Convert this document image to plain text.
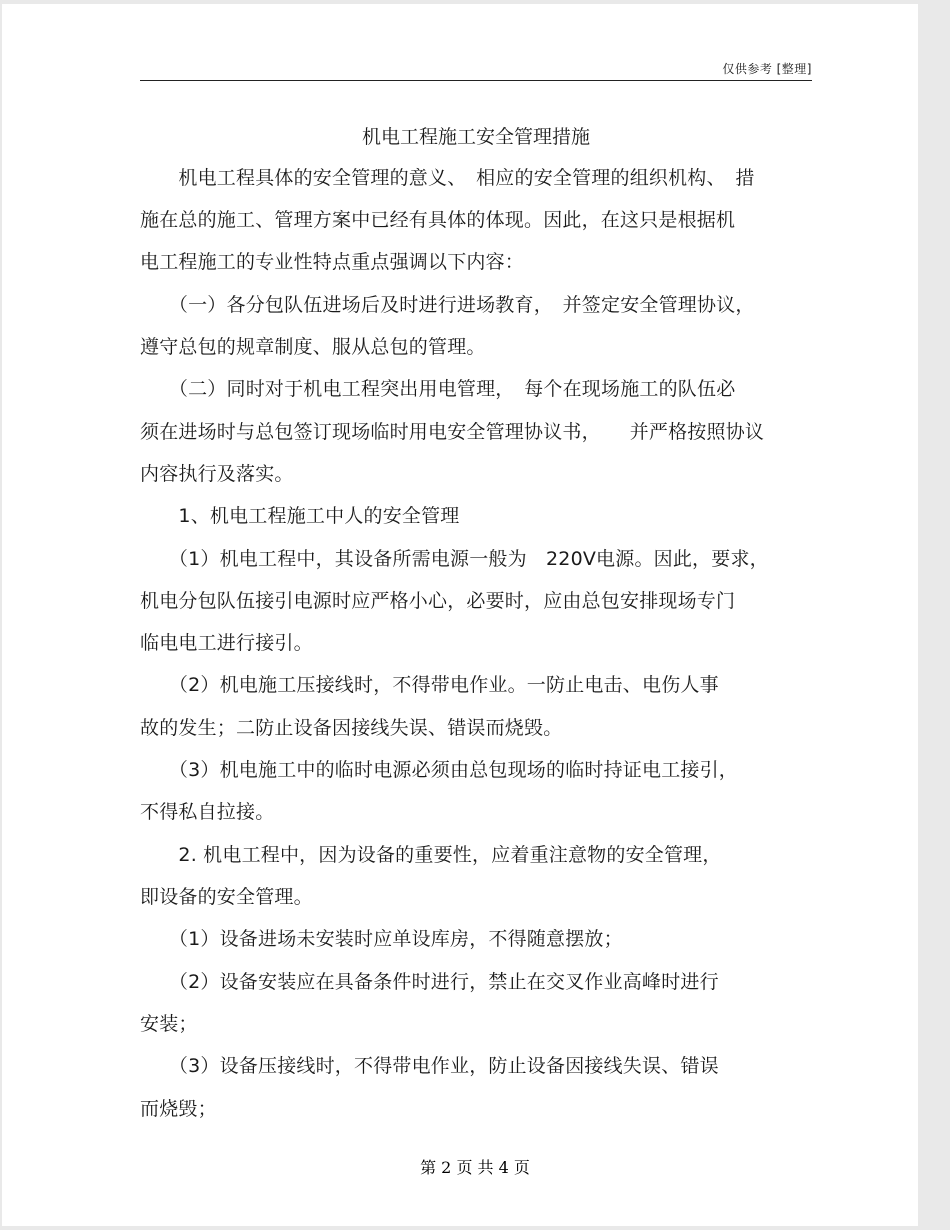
仅供参考 [整理]
机电工程施工安全管理措施
　　机电工程具体的安全管理的意义、　相应的安全管理的组织机构、　措
施在总的施工、管理方案中已经有具体的体现。因此，在这只是根据机
电工程施工的专业性特点重点强调以下内容：
　　（一）各分包队伍进场后及时进行进场教育，　并签定安全管理协议，
遵守总包的规章制度、服从总包的管理。
　　（二）同时对于机电工程突出用电管理，　每个在现场施工的队伍必
须在进场时与总包签订现场临时用电安全管理协议书，　　并严格按照协议
内容执行及落实。
　　1、机电工程施工中人的安全管理
　　（1）机电工程中，其设备所需电源一般为　220V电源。因此，要求，
机电分包队伍接引电源时应严格小心，必要时，应由总包安排现场专门
临电电工进行接引。
　　（2）机电施工压接线时，不得带电作业。一防止电击、电伤人事
故的发生；二防止设备因接线失误、错误而烧毁。
　　（3）机电施工中的临时电源必须由总包现场的临时持证电工接引，
不得私自拉接。
　　2. 机电工程中，因为设备的重要性，应着重注意物的安全管理，
即设备的安全管理。
　　（1）设备进场未安装时应单设库房，不得随意摆放；
　　（2）设备安装应在具备条件时进行，禁止在交叉作业高峰时进行
安装；
　　（3）设备压接线时，不得带电作业，防止设备因接线失误、错误
而烧毁；
第 2 页 共 4 页
